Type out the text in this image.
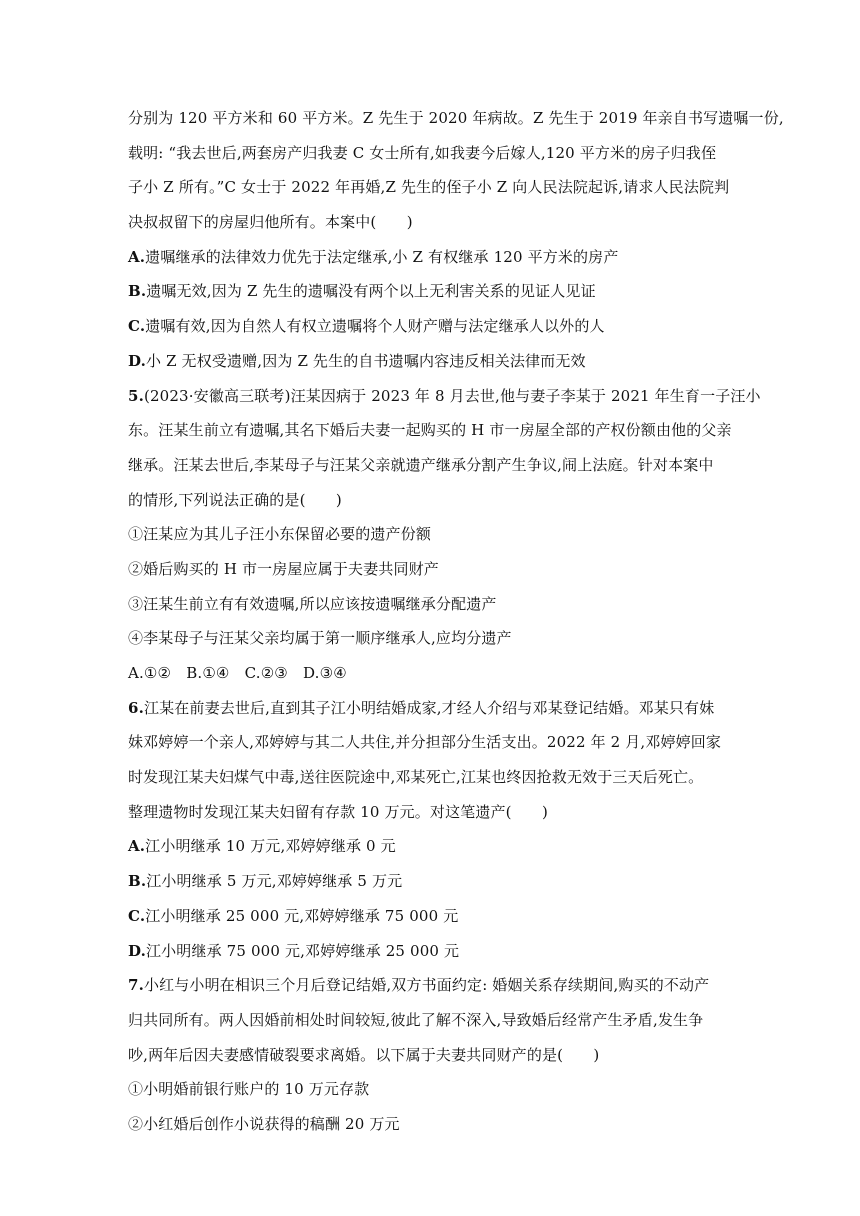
分别为 120 平方米和 60 平方米。Z 先生于 2020 年病故。Z 先生于 2019 年亲自书写遗嘱一份,
载明: “我去世后,两套房产归我妻 C 女士所有,如我妻今后嫁人,120 平方米的房子归我侄
子小 Z 所有。”C 女士于 2022 年再婚,Z 先生的侄子小 Z 向人民法院起诉,请求人民法院判
决叔叔留下的房屋归他所有。本案中(　　)
A.遗嘱继承的法律效力优先于法定继承,小 Z 有权继承 120 平方米的房产
B.遗嘱无效,因为 Z 先生的遗嘱没有两个以上无利害关系的见证人见证
C.遗嘱有效,因为自然人有权立遗嘱将个人财产赠与法定继承人以外的人
D.小 Z 无权受遗赠,因为 Z 先生的自书遗嘱内容违反相关法律而无效
5.(2023·安徽高三联考)汪某因病于 2023 年 8 月去世,他与妻子李某于 2021 年生育一子汪小
东。汪某生前立有遗嘱,其名下婚后夫妻一起购买的 H 市一房屋全部的产权份额由他的父亲
继承。汪某去世后,李某母子与汪某父亲就遗产继承分割产生争议,闹上法庭。针对本案中
的情形,下列说法正确的是(　　)
①汪某应为其儿子汪小东保留必要的遗产份额
②婚后购买的 H 市一房屋应属于夫妻共同财产
③汪某生前立有有效遗嘱,所以应该按遗嘱继承分配遗产
④李某母子与汪某父亲均属于第一顺序继承人,应均分遗产
A.①②　B.①④　C.②③　D.③④
6.江某在前妻去世后,直到其子江小明结婚成家,才经人介绍与邓某登记结婚。邓某只有妹
妹邓婷婷一个亲人,邓婷婷与其二人共住,并分担部分生活支出。2022 年 2 月,邓婷婷回家
时发现江某夫妇煤气中毒,送往医院途中,邓某死亡,江某也终因抢救无效于三天后死亡。
整理遗物时发现江某夫妇留有存款 10 万元。对这笔遗产(　　)
A.江小明继承 10 万元,邓婷婷继承 0 元
B.江小明继承 5 万元,邓婷婷继承 5 万元
C.江小明继承 25 000 元,邓婷婷继承 75 000 元
D.江小明继承 75 000 元,邓婷婷继承 25 000 元
7.小红与小明在相识三个月后登记结婚,双方书面约定: 婚姻关系存续期间,购买的不动产
归共同所有。两人因婚前相处时间较短,彼此了解不深入,导致婚后经常产生矛盾,发生争
吵,两年后因夫妻感情破裂要求离婚。以下属于夫妻共同财产的是(　　)
①小明婚前银行账户的 10 万元存款
②小红婚后创作小说获得的稿酬 20 万元
